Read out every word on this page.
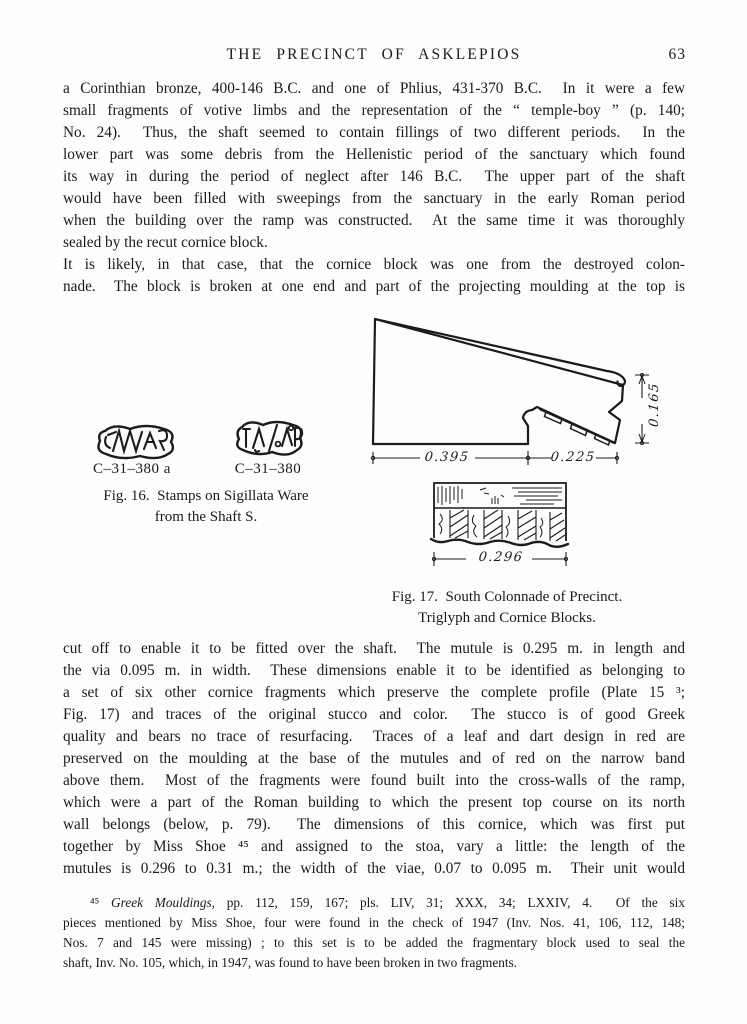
THE PRECINCT OF ASKLEPIOS	63
a Corinthian bronze, 400-146 B.C. and one of Phlius, 431-370 B.C.  In it were a few
small fragments of votive limbs and the representation of the “ temple-boy ” (p. 140;
No. 24).  Thus, the shaft seemed to contain fillings of two different periods.  In the
lower part was some debris from the Hellenistic period of the sanctuary which found
its way in during the period of neglect after 146 B.C.  The upper part of the shaft
would have been filled with sweepings from the sanctuary in the early Roman period
when the building over the ramp was constructed.  At the same time it was thoroughly
sealed by the recut cornice block.
It is likely, in that case, that the cornice block was one from the destroyed colon-
nade.  The block is broken at one end and part of the projecting moulding at the top is
C–31–380 a	C–31–380
Fig. 16.  Stamps on Sigillata Ware
from the Shaft S.
0.395	0.225
0.165
0.296
Fig. 17.  South Colonnade of Precinct.
Triglyph and Cornice Blocks.
cut off to enable it to be fitted over the shaft.  The mutule is 0.295 m. in length and
the via 0.095 m. in width.  These dimensions enable it to be identified as belonging to
a set of six other cornice fragments which preserve the complete profile (Plate 15 ³;
Fig. 17) and traces of the original stucco and color.  The stucco is of good Greek
quality and bears no trace of resurfacing.  Traces of a leaf and dart design in red are
preserved on the moulding at the base of the mutules and of red on the narrow band
above them.  Most of the fragments were found built into the cross-walls of the ramp,
which were a part of the Roman building to which the present top course on its north
wall belongs (below, p. 79).  The dimensions of this cornice, which was first put
together by Miss Shoe ⁴⁵ and assigned to the stoa, vary a little: the length of the
mutules is 0.296 to 0.31 m.; the width of the viae, 0.07 to 0.095 m.  Their unit would
⁴⁵ Greek Mouldings, pp. 112, 159, 167; pls. LIV, 31; XXX, 34; LXXIV, 4.  Of the six
pieces mentioned by Miss Shoe, four were found in the check of 1947 (Inv. Nos. 41, 106, 112, 148;
Nos. 7 and 145 were missing) ; to this set is to be added the fragmentary block used to seal the
shaft, Inv. No. 105, which, in 1947, was found to have been broken in two fragments.
